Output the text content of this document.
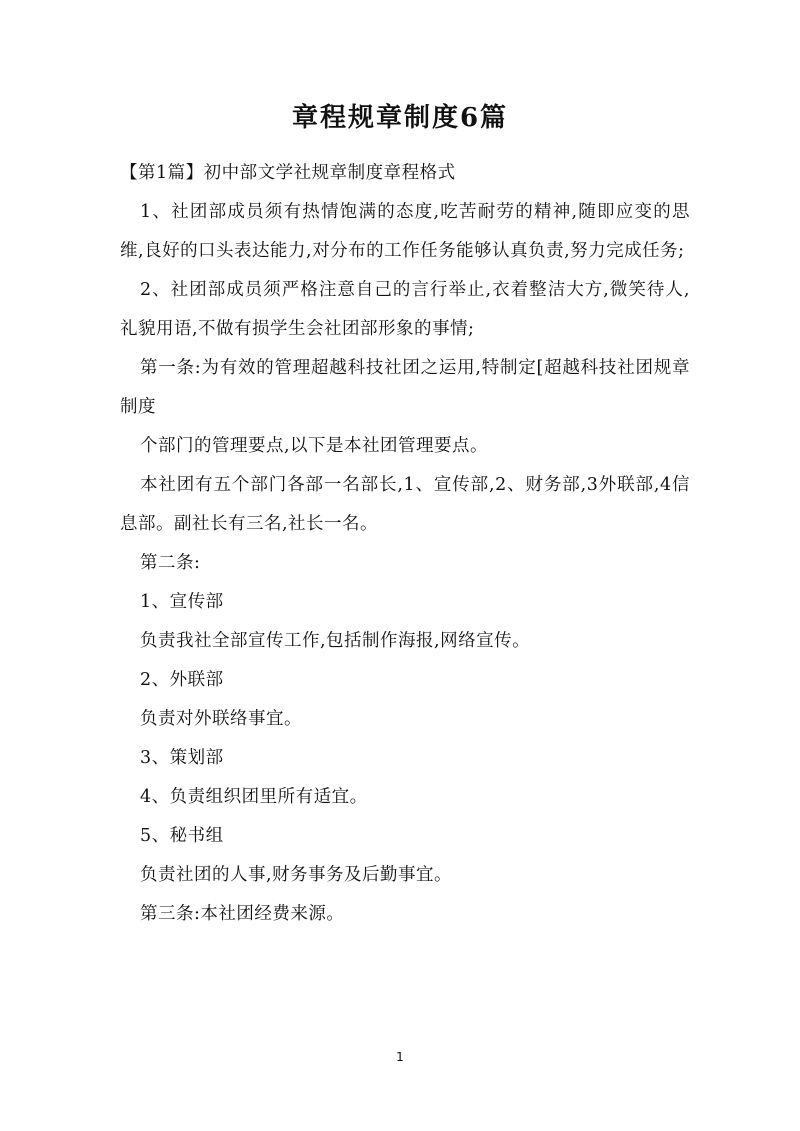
章程规章制度6篇

【第1篇】初中部文学社规章制度章程格式

1、社团部成员须有热情饱满的态度,吃苦耐劳的精神,随即应变的思维,良好的口头表达能力,对分布的工作任务能够认真负责,努力完成任务;

2、社团部成员须严格注意自己的言行举止,衣着整洁大方,微笑待人,礼貌用语,不做有损学生会社团部形象的事情;

第一条:为有效的管理超越科技社团之运用,特制定[超越科技社团规章制度

个部门的管理要点,以下是本社团管理要点。

本社团有五个部门各部一名部长,1、宣传部,2、财务部,3外联部,4信息部。副社长有三名,社长一名。

第二条:

1、宣传部

负责我社全部宣传工作,包括制作海报,网络宣传。

2、外联部

负责对外联络事宜。

3、策划部

4、负责组织团里所有适宜。

5、秘书组

负责社团的人事,财务事务及后勤事宜。

第三条:本社团经费来源。

1
